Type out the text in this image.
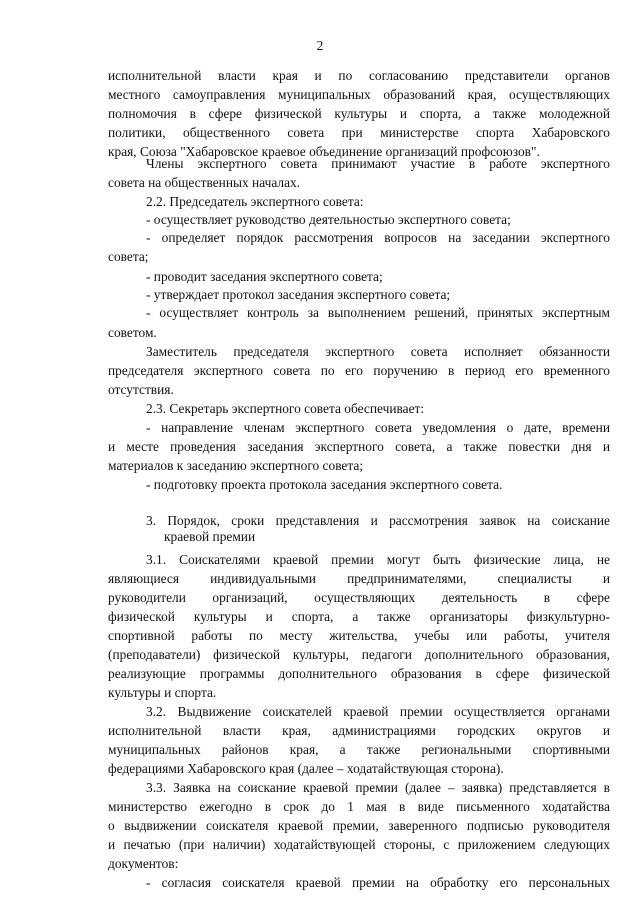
2
исполнительной власти края и по согласованию представители органов
местного самоуправления муниципальных образований края, осуществляющих
полномочия в сфере физической культуры и спорта, а также молодежной
политики, общественного совета при министерстве спорта Хабаровского
края, Союза "Хабаровское краевое объединение организаций профсоюзов".
Члены экспертного совета принимают участие в работе экспертного
совета на общественных началах.
2.2. Председатель экспертного совета:
- осуществляет руководство деятельностью экспертного совета;
- определяет порядок рассмотрения вопросов на заседании экспертного
совета;
- проводит заседания экспертного совета;
- утверждает протокол заседания экспертного совета;
- осуществляет контроль за выполнением решений, принятых экспертным
советом.
Заместитель председателя экспертного совета исполняет обязанности
председателя экспертного совета по его поручению в период его временного
отсутствия.
2.3. Секретарь экспертного совета обеспечивает:
- направление членам экспертного совета уведомления о дате, времени
и месте проведения заседания экспертного совета, а также повестки дня и
материалов к заседанию экспертного совета;
- подготовку проекта протокола заседания экспертного совета.
3. Порядок, сроки представления и рассмотрения заявок на соискание
краевой премии
3.1. Соискателями краевой премии могут быть физические лица, не
являющиеся индивидуальными предпринимателями, специалисты и
руководители организаций, осуществляющих деятельность в сфере
физической культуры и спорта, а также организаторы физкультурно-
спортивной работы по месту жительства, учебы или работы, учителя
(преподаватели) физической культуры, педагоги дополнительного образования,
реализующие программы дополнительного образования в сфере физической
культуры и спорта.
3.2. Выдвижение соискателей краевой премии осуществляется органами
исполнительной власти края, администрациями городских округов и
муниципальных районов края, а также региональными спортивными
федерациями Хабаровского края (далее – ходатайствующая сторона).
3.3. Заявка на соискание краевой премии (далее – заявка) представляется в
министерство ежегодно в срок до 1 мая в виде письменного ходатайства
о выдвижении соискателя краевой премии, заверенного подписью руководителя
и печатью (при наличии) ходатайствующей стороны, с приложением следующих
документов:
- согласия соискателя краевой премии на обработку его персональных
